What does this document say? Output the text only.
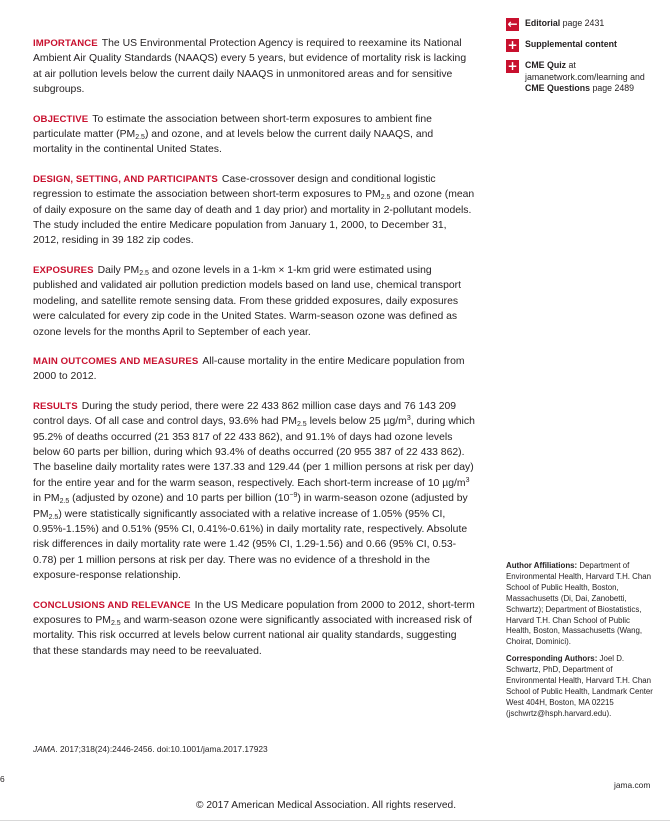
← Editorial page 2431
+ Supplemental content
+ CME Quiz at jamanetwork.com/learning and
CME Questions page 2489

IMPORTANCE The US Environmental Protection Agency is required to reexamine its National Ambient Air Quality Standards (NAAQS) every 5 years, but evidence of mortality risk is lacking at air pollution levels below the current daily NAAQS in unmonitored areas and for sensitive subgroups.

OBJECTIVE To estimate the association between short-term exposures to ambient fine particulate matter $(PM_{2.5})$ and ozone, and at levels below the current daily NAAQS, and mortality in the continental United States.

DESIGN, SETTING, AND PARTICIPANTS Case-crossover design and conditional logistic regression to estimate the association between short-term exposures to $PM_{2.5}$ and ozone (mean of daily exposure on the same day of death and 1 day prior) and mortality in 2-pollutant models. The study included the entire Medicare population from January 1, 2000, to December 31, 2012, residing in 39 182 zip codes.

EXPOSURES Daily $PM_{2.5}$ and ozone levels in a 1-km × 1-km grid were estimated using published and validated air pollution prediction models based on land use, chemical transport modeling, and satellite remote sensing data. From these gridded exposures, daily exposures were calculated for every zip code in the United States. Warm-season ozone was defined as ozone levels for the months April to September of each year.

MAIN OUTCOMES AND MEASURES All-cause mortality in the entire Medicare population from 2000 to 2012.

RESULTS During the study period, there were 22 433 862 million case days and 76 143 209 control days. Of all case and control days, 93.6% had $PM_{2.5}$ levels below 25 $\mu g/m^3$, during which 95.2% of deaths occurred (21 353 817 of 22 433 862), and 91.1% of days had ozone levels below 60 parts per billion, during which 93.4% of deaths occurred (20 955 387 of 22 433 862). The baseline daily mortality rates were 137.33 and 129.44 (per 1 million persons at risk per day) for the entire year and for the warm season, respectively. Each short-term increase of 10 $\mu g/m^3$ in $PM_{2.5}$ (adjusted by ozone) and 10 parts per billion $(10^{-9})$ in warm-season ozone (adjusted by $PM_{2.5}$) were statistically significantly associated with a relative increase of 1.05% (95% CI, 0.95%-1.15%) and 0.51% (95% CI, 0.41%-0.61%) in daily mortality rate, respectively. Absolute risk differences in daily mortality rate were 1.42 (95% CI, 1.29-1.56) and 0.66 (95% CI, 0.53-0.78) per 1 million persons at risk per day. There was no evidence of a threshold in the exposure-response relationship.

CONCLUSIONS AND RELEVANCE In the US Medicare population from 2000 to 2012, short-term exposures to $PM_{2.5}$ and warm-season ozone were significantly associated with increased risk of mortality. This risk occurred at levels below current national air quality standards, suggesting that these standards may need to be reevaluated.

JAMA. 2017;318(24):2446-2456. doi:10.1001/jama.2017.17923

Author Affiliations: Department of Environmental Health, Harvard T.H. Chan School of Public Health, Boston, Massachusetts (Di, Dai, Zanobetti, Schwartz); Department of Biostatistics, Harvard T.H. Chan School of Public Health, Boston, Massachusetts (Wang, Choirat, Dominici).

Corresponding Authors: Joel D. Schwartz, PhD, Department of Environmental Health, Harvard T.H. Chan School of Public Health, Landmark Center West 404H, Boston, MA 02215 (jschwrtz@hsph.harvard.edu).

6
jama.com
© 2017 American Medical Association. All rights reserved.
